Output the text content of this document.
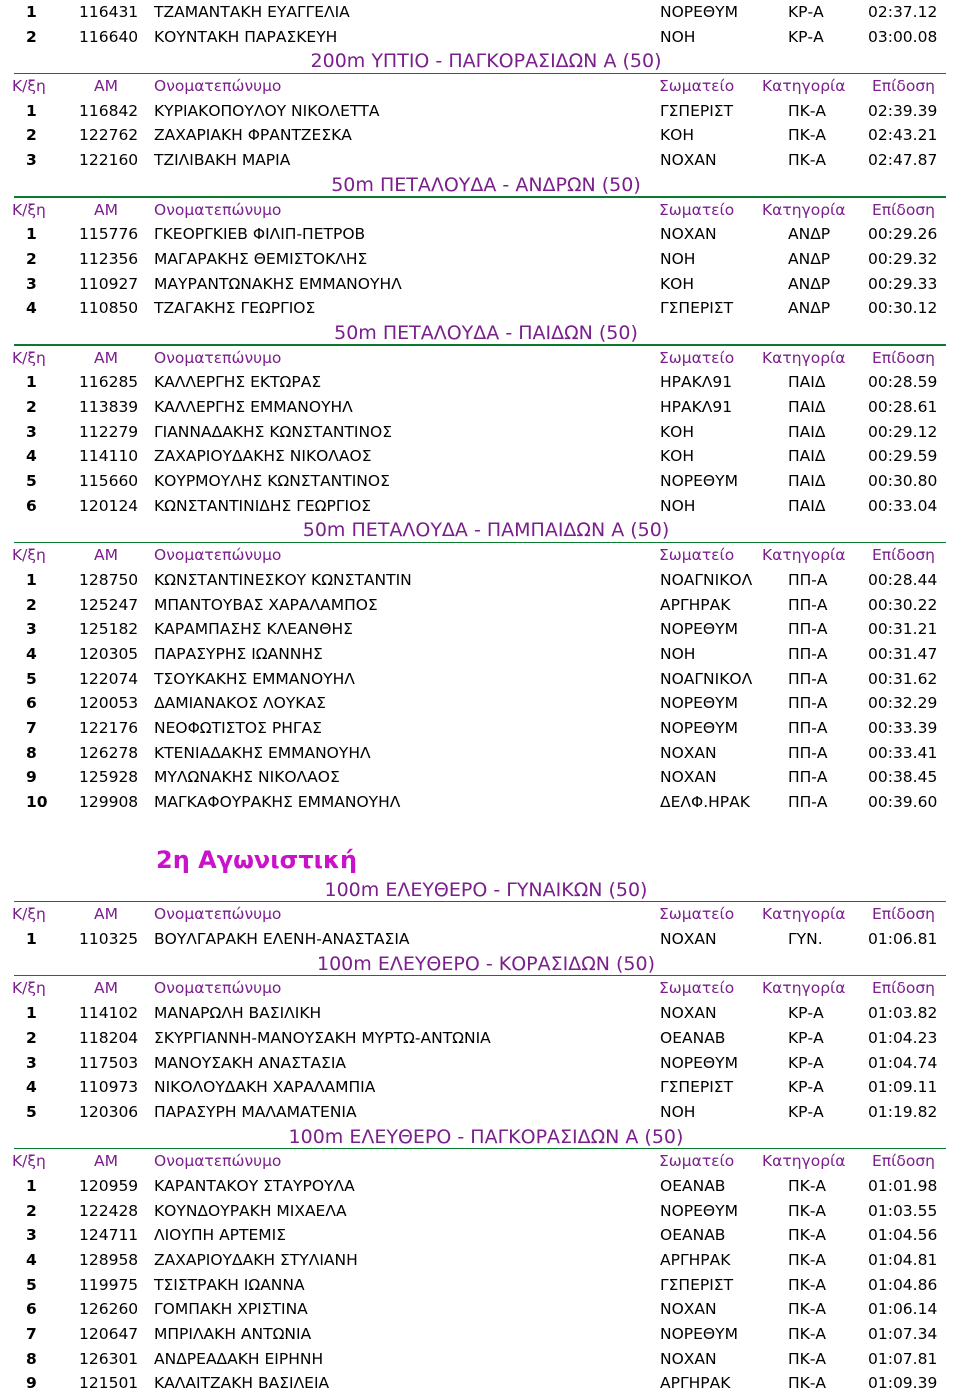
1	116431 ΤΖΑΜΑΝΤΑΚΗ ΕΥΑΓΓΕΛΙΑ	ΝΟΡΕΘΥΜ	ΚΡ-Α	02:37.12
2	116640 ΚΟΥΝΤΑΚΗ ΠΑΡΑΣΚΕΥΗ	ΝΟΗ	ΚΡ-Α	03:00.08
200m ΥΠΤΙΟ - ΠΑΓΚΟΡΑΣΙΔΩΝ Α (50)
Κ/ξη	ΑΜ Ονοματεπώνυμο	Σωματείο Κατηγορία Επίδοση
1	116842 ΚΥΡΙΑΚΟΠΟΥΛΟΥ ΝΙΚΟΛΕΤΤΑ	ΓΣΠΕΡΙΣΤ	ΠΚ-Α	02:39.39
2	122762 ΖΑΧΑΡΙΑΚΗ ΦΡΑΝΤΖΕΣΚΑ	ΚΟΗ	ΠΚ-Α	02:43.21
3	122160 ΤΖΙΛΙΒΑΚΗ ΜΑΡΙΑ	ΝΟΧΑΝ	ΠΚ-Α	02:47.87
50m ΠΕΤΑΛΟΥΔΑ - ΑΝΔΡΩΝ (50)
Κ/ξη	ΑΜ Ονοματεπώνυμο	Σωματείο Κατηγορία Επίδοση
1	115776 ΓΚΕΟΡΓΚΙΕΒ ΦΙΛΙΠ-ΠΕΤΡΟΒ	ΝΟΧΑΝ	ΑΝΔΡ 00:29.26
2	112356 ΜΑΓΑΡΑΚΗΣ ΘΕΜΙΣΤΟΚΛΗΣ	ΝΟΗ	ΑΝΔΡ 00:29.32
3	110927 ΜΑΥΡΑΝΤΩΝΑΚΗΣ ΕΜΜΑΝΟΥΗΛ	ΚΟΗ	ΑΝΔΡ 00:29.33
4	110850 ΤΖΑΓΑΚΗΣ ΓΕΩΡΓΙΟΣ	ΓΣΠΕΡΙΣΤ	ΑΝΔΡ 00:30.12
50m ΠΕΤΑΛΟΥΔΑ - ΠΑΙΔΩΝ (50)
Κ/ξη	ΑΜ Ονοματεπώνυμο	Σωματείο Κατηγορία Επίδοση
1	116285 ΚΑΛΛΕΡΓΗΣ ΕΚΤΩΡΑΣ	ΗΡΑΚΛ91	ΠΑΙΔ	00:28.59
2	113839 ΚΑΛΛΕΡΓΗΣ ΕΜΜΑΝΟΥΗΛ	ΗΡΑΚΛ91	ΠΑΙΔ	00:28.61
3	112279 ΓΙΑΝΝΑΔΑΚΗΣ ΚΩΝΣΤΑΝΤΙΝΟΣ	ΚΟΗ	ΠΑΙΔ	00:29.12
4	114110 ΖΑΧΑΡΙΟΥΔΑΚΗΣ ΝΙΚΟΛΑΟΣ	ΚΟΗ	ΠΑΙΔ	00:29.59
5	115660 ΚΟΥΡΜΟΥΛΗΣ ΚΩΝΣΤΑΝΤΙΝΟΣ	ΝΟΡΕΘΥΜ	ΠΑΙΔ	00:30.80
6	120124 ΚΩΝΣΤΑΝΤΙΝΙΔΗΣ ΓΕΩΡΓΙΟΣ	ΝΟΗ	ΠΑΙΔ	00:33.04
50m ΠΕΤΑΛΟΥΔΑ - ΠΑΜΠΑΙΔΩΝ Α (50)
Κ/ξη	ΑΜ Ονοματεπώνυμο	Σωματείο Κατηγορία Επίδοση
1	128750 ΚΩΝΣΤΑΝΤΙΝΕΣΚΟΥ ΚΩΝΣΤΑΝΤΙΝ	ΝΟΑΓΝΙΚΟΛ ΠΠ-Α	00:28.44
2	125247 ΜΠΑΝΤΟΥΒΑΣ ΧΑΡΑΛΑΜΠΟΣ	ΑΡΓΗΡΑΚ	ΠΠ-Α	00:30.22
3	125182 ΚΑΡΑΜΠΑΣΗΣ ΚΛΕΑΝΘΗΣ	ΝΟΡΕΘΥΜ	ΠΠ-Α	00:31.21
4	120305 ΠΑΡΑΣΥΡΗΣ ΙΩΑΝΝΗΣ	ΝΟΗ	ΠΠ-Α	00:31.47
5	122074 ΤΣΟΥΚΑΚΗΣ ΕΜΜΑΝΟΥΗΛ	ΝΟΑΓΝΙΚΟΛ ΠΠ-Α	00:31.62
6	120053 ΔΑΜΙΑΝΑΚΟΣ ΛΟΥΚΑΣ	ΝΟΡΕΘΥΜ	ΠΠ-Α	00:32.29
7	122176 ΝΕΟΦΩΤΙΣΤΟΣ ΡΗΓΑΣ	ΝΟΡΕΘΥΜ	ΠΠ-Α	00:33.39
8	126278 ΚΤΕΝΙΑΔΑΚΗΣ ΕΜΜΑΝΟΥΗΛ	ΝΟΧΑΝ	ΠΠ-Α	00:33.41
9	125928 ΜΥΛΩΝΑΚΗΣ ΝΙΚΟΛΑΟΣ	ΝΟΧΑΝ	ΠΠ-Α	00:38.45
10 129908 ΜΑΓΚΑΦΟΥΡΑΚΗΣ ΕΜΜΑΝΟΥΗΛ	ΔΕΛΦ.ΗΡΑΚ ΠΠ-Α	00:39.60
2η Αγωνιστική
100m ΕΛΕΥΘΕΡΟ - ΓΥΝΑΙΚΩΝ (50)
Κ/ξη	ΑΜ Ονοματεπώνυμο	Σωματείο Κατηγορία Επίδοση
1	110325 ΒΟΥΛΓΑΡΑΚΗ ΕΛΕΝΗ-ΑΝΑΣΤΑΣΙΑ	ΝΟΧΑΝ	ΓΥΝ.	01:06.81
100m ΕΛΕΥΘΕΡΟ - ΚΟΡΑΣΙΔΩΝ (50)
Κ/ξη	ΑΜ Ονοματεπώνυμο	Σωματείο Κατηγορία Επίδοση
1	114102 ΜΑΝΑΡΩΛΗ ΒΑΣΙΛΙΚΗ	ΝΟΧΑΝ	ΚΡ-Α	01:03.82
2	118204 ΣΚΥΡΓΙΑΝΝΗ-ΜΑΝΟΥΣΑΚΗ ΜΥΡΤΩ-ΑΝΤΩΝΙΑ	ΟΕΑΝΑΒ	ΚΡ-Α	01:04.23
3	117503 ΜΑΝΟΥΣΑΚΗ ΑΝΑΣΤΑΣΙΑ	ΝΟΡΕΘΥΜ	ΚΡ-Α	01:04.74
4	110973 ΝΙΚΟΛΟΥΔΑΚΗ ΧΑΡΑΛΑΜΠΙΑ	ΓΣΠΕΡΙΣΤ	ΚΡ-Α	01:09.11
5	120306 ΠΑΡΑΣΥΡΗ ΜΑΛΑΜΑΤΕΝΙΑ	ΝΟΗ	ΚΡ-Α	01:19.82
100m ΕΛΕΥΘΕΡΟ - ΠΑΓΚΟΡΑΣΙΔΩΝ Α (50)
Κ/ξη	ΑΜ Ονοματεπώνυμο	Σωματείο Κατηγορία Επίδοση
1	120959 ΚΑΡΑΝΤΑΚΟΥ ΣΤΑΥΡΟΥΛΑ	ΟΕΑΝΑΒ	ΠΚ-Α	01:01.98
2	122428 ΚΟΥΝΔΟΥΡΑΚΗ ΜΙΧΑΕΛΑ	ΝΟΡΕΘΥΜ	ΠΚ-Α	01:03.55
3	124711 ΛΙΟΥΠΗ ΑΡΤΕΜΙΣ	ΟΕΑΝΑΒ	ΠΚ-Α	01:04.56
4	128958 ΖΑΧΑΡΙΟΥΔΑΚΗ ΣΤΥΛΙΑΝΗ	ΑΡΓΗΡΑΚ	ΠΚ-Α	01:04.81
5	119975 ΤΣΙΣΤΡΑΚΗ ΙΩΑΝΝΑ	ΓΣΠΕΡΙΣΤ	ΠΚ-Α	01:04.86
6	126260 ΓΟΜΠΑΚΗ ΧΡΙΣΤΙΝΑ	ΝΟΧΑΝ	ΠΚ-Α	01:06.14
7	120647 ΜΠΡΙΛΑΚΗ ΑΝΤΩΝΙΑ	ΝΟΡΕΘΥΜ	ΠΚ-Α	01:07.34
8	126301 ΑΝΔΡΕΑΔΑΚΗ ΕΙΡΗΝΗ	ΝΟΧΑΝ	ΠΚ-Α	01:07.81
9	121501 ΚΑΛΑΙΤΖΑΚΗ ΒΑΣΙΛΕΙΑ	ΑΡΓΗΡΑΚ	ΠΚ-Α	01:09.39
